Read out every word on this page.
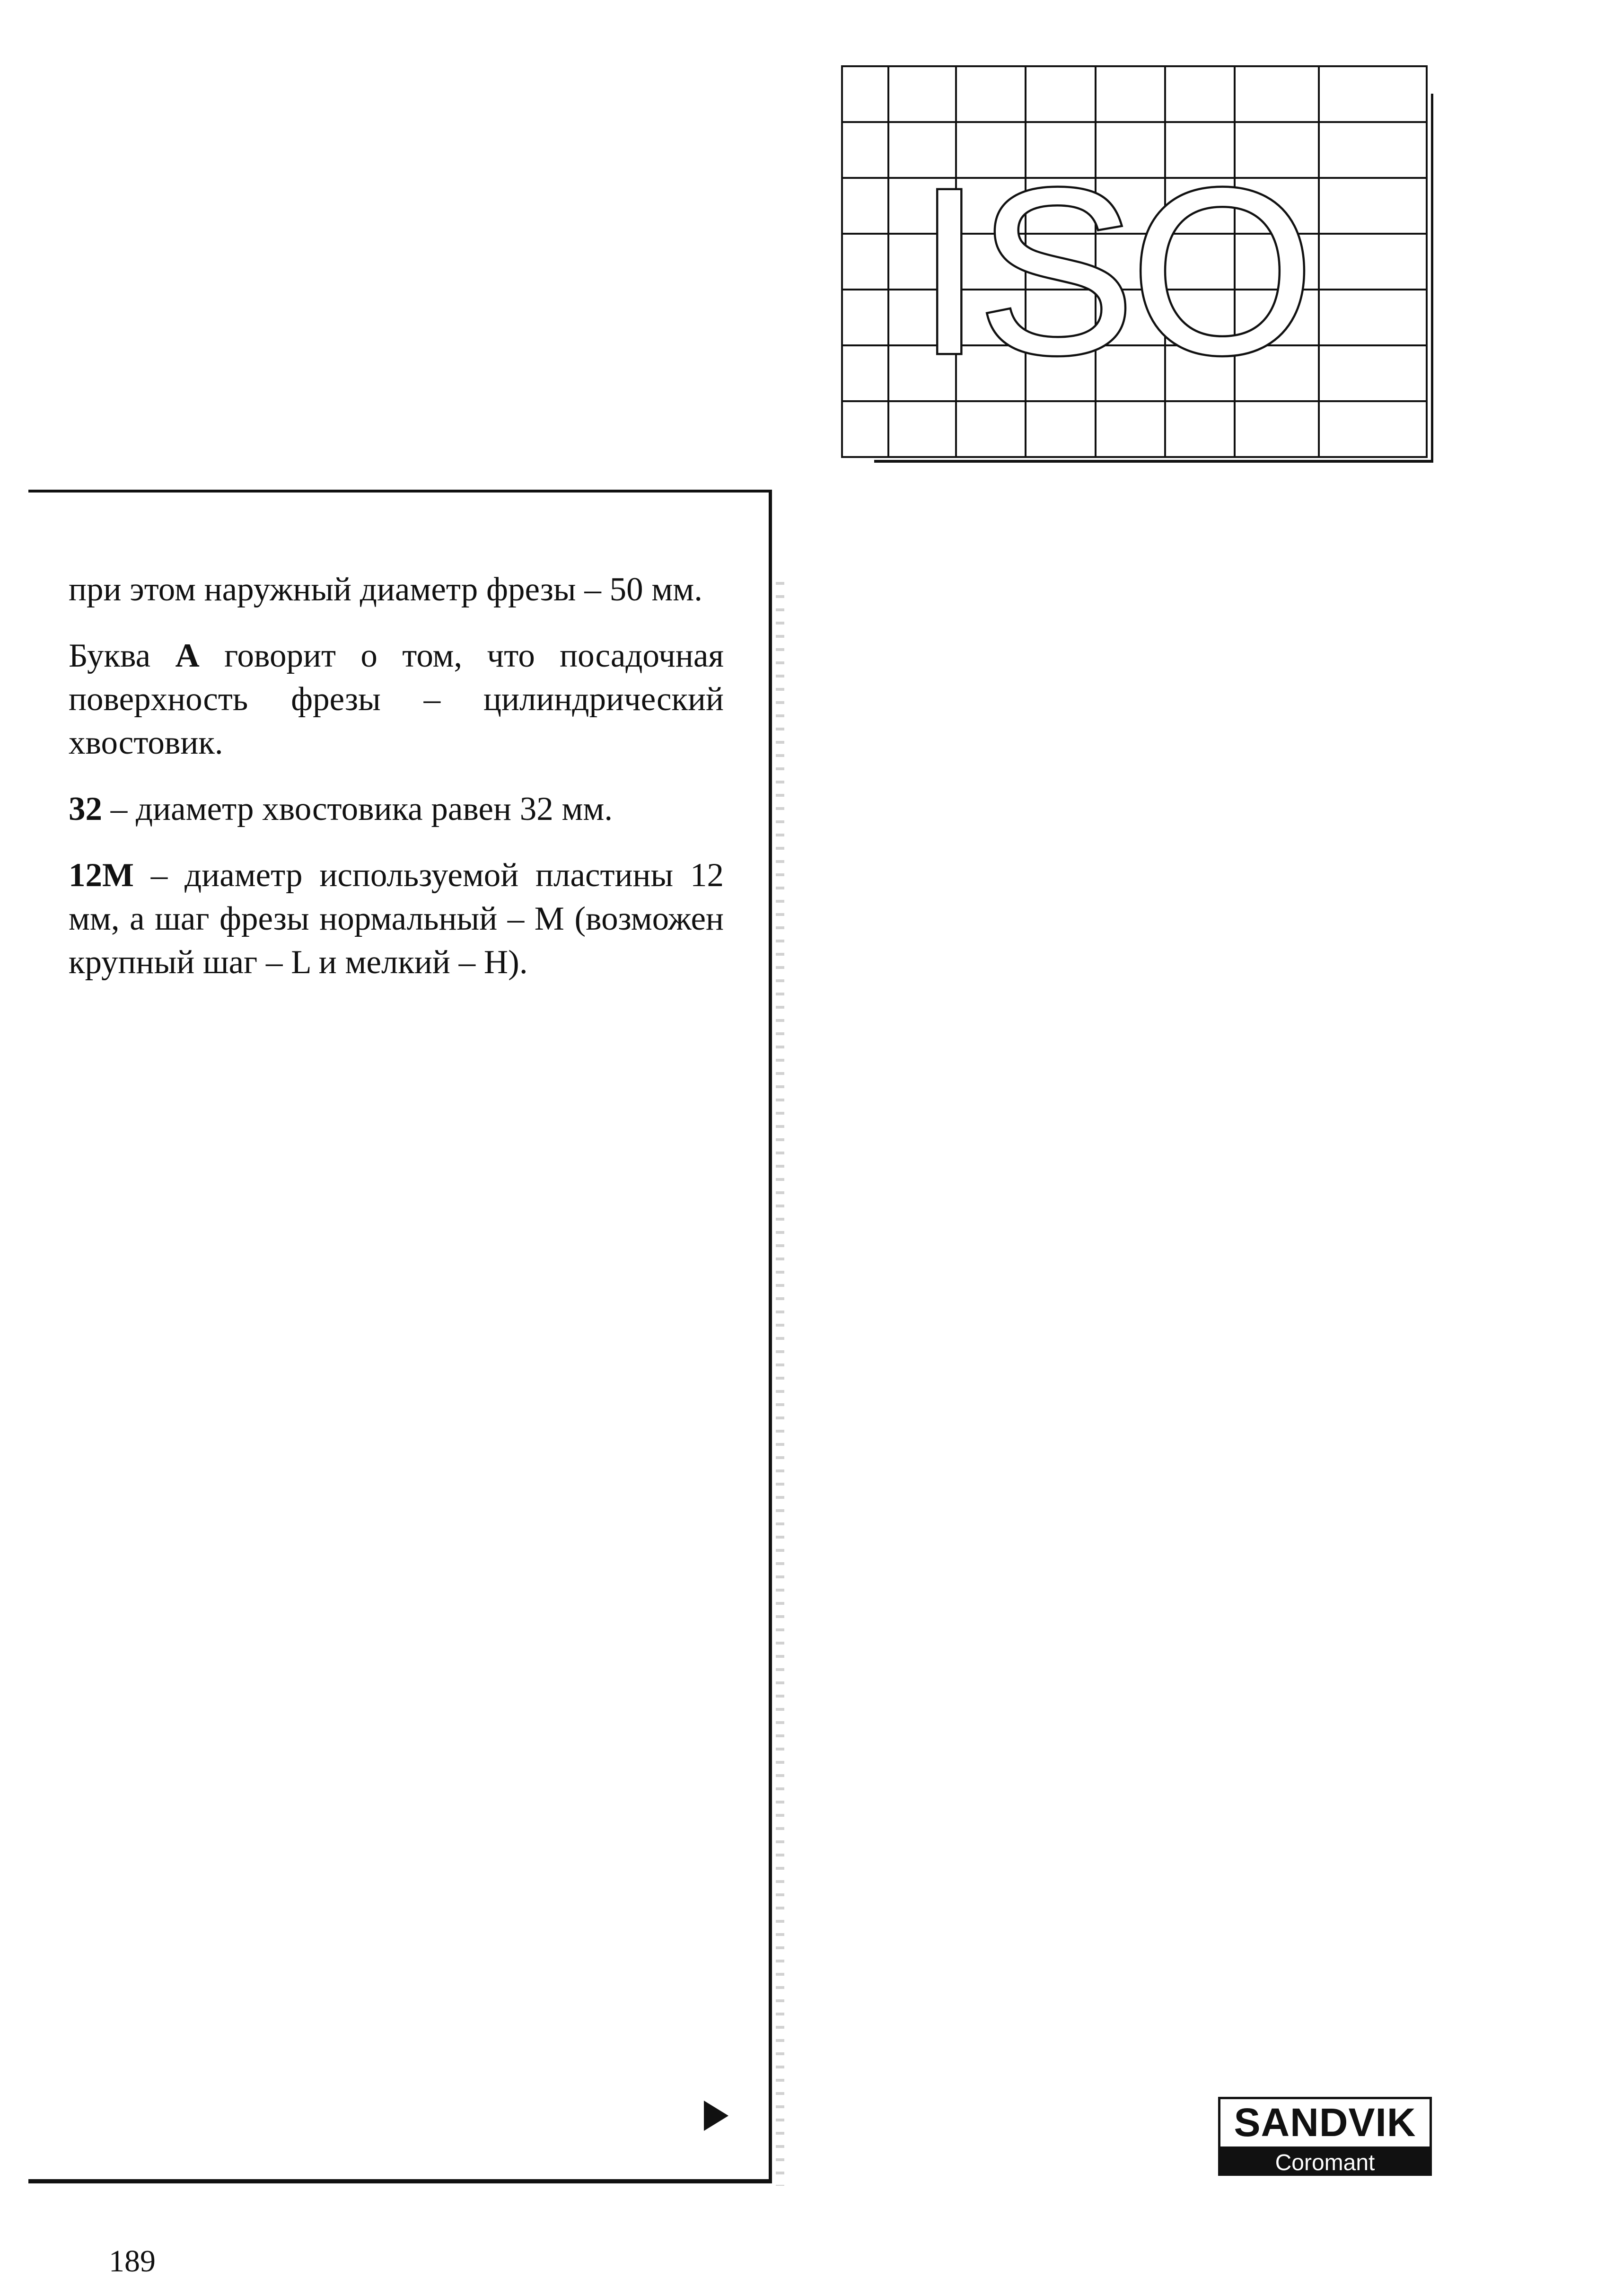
ISO

при этом наружный диаметр фрезы – 50 мм.

Буква A говорит о том, что посадочная поверхность фрезы – цилиндрический хвостовик.

32 – диаметр хвостовика равен 32 мм.

12M – диаметр используемой пластины 12 мм, а шаг фрезы нормальный – M (возможен крупный шаг – L и мелкий – H).

SANDVIK
Coromant
189
